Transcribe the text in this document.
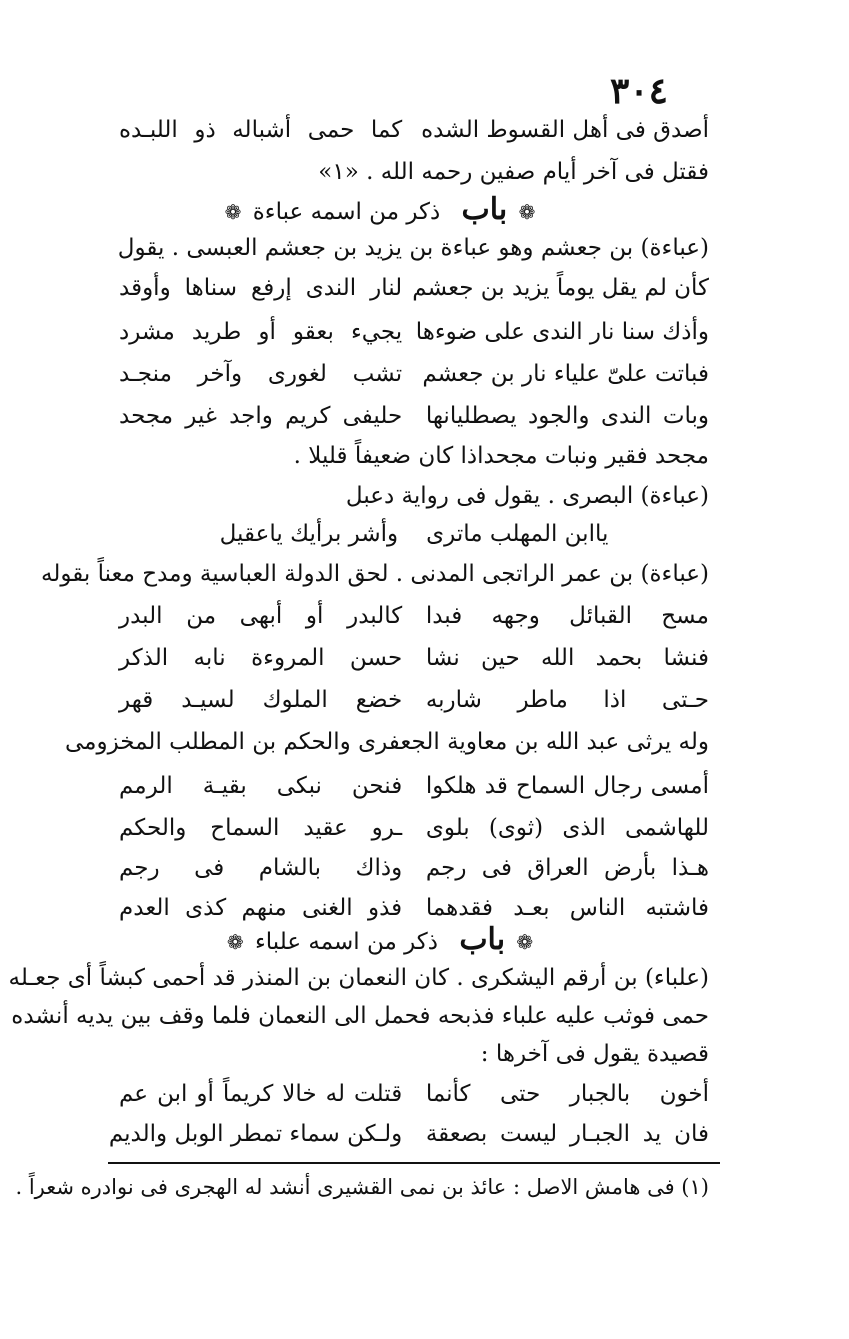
٣٠٤
أصدق فى أهل القسوط الشده
كما حمى أشباله ذو اللبـده
فقتل فى آخر أيام صفين رحمه الله . «١»
❁ باب ذكر من اسمه عباءة ❁
(عباءة) بن جعشم وهو عباءة بن يزيد بن جعشم العبسى . يقول
كأن لم يقل يوماً يزيد بن جعشم
لنار الندى إرفع سناها وأوقد
وأذك سنا نار الندى على ضوءها
يجيء بعقو أو طريد مشرد
فباتت علىّ علياء نار بن جعشم
تشب لغورى وآخر منجـد
وبات الندى والجود يصطليانها
حليفى كريم واجد غير مجحد
مجحد فقير ونبات مجحداذا كان ضعيفاً قليلا .
(عباءة) البصرى . يقول فى رواية دعبل
ياابن المهلب ماترى
وأشر برأيك ياعقيل
(عباءة) بن عمر الراتجى المدنى . لحق الدولة العباسية ومدح معناً بقوله
مسح القبائل وجهه فبدا
كالبدر أو أبهى من البدر
فنشا بحمد الله حين نشا
حسن المروءة نابه الذكر
حـتى اذا ماطر شاربه
خضع الملوك لسيـد قهر
وله يرثى عبد الله بن معاوية الجعفرى والحكم بن المطلب المخزومى
أمسى رجال السماح قد هلكوا
فنحن نبكى بقيـة الرمم
للهاشمى الذى (ثوى) بلوى
ـرو عقيد السماح والحكم
هـذا بأرض العراق فى رجم
وذاك بالشام فى رجم
فاشتبه الناس بعـد فقدهما
فذو الغنى منهم كذى العدم
❁ باب ذكر من اسمه علباء ❁
(علباء) بن أرقم اليشكرى . كان النعمان بن المنذر قد أحمى كبشاً أى جعـله
حمى فوثب عليه علباء فذبحه فحمل الى النعمان فلما وقف بين يديه أنشده
قصيدة يقول فى آخرها :
أخون بالجبار حتى كأنما
قتلت له خالا كريماً أو ابن عم
فان يد الجبـار ليست بصعقة
ولـكن سماء تمطر الوبل والديم
(١) فى هامش الاصل : عائذ بن نمى القشيرى أنشد له الهجرى فى نوادره شعراً .
